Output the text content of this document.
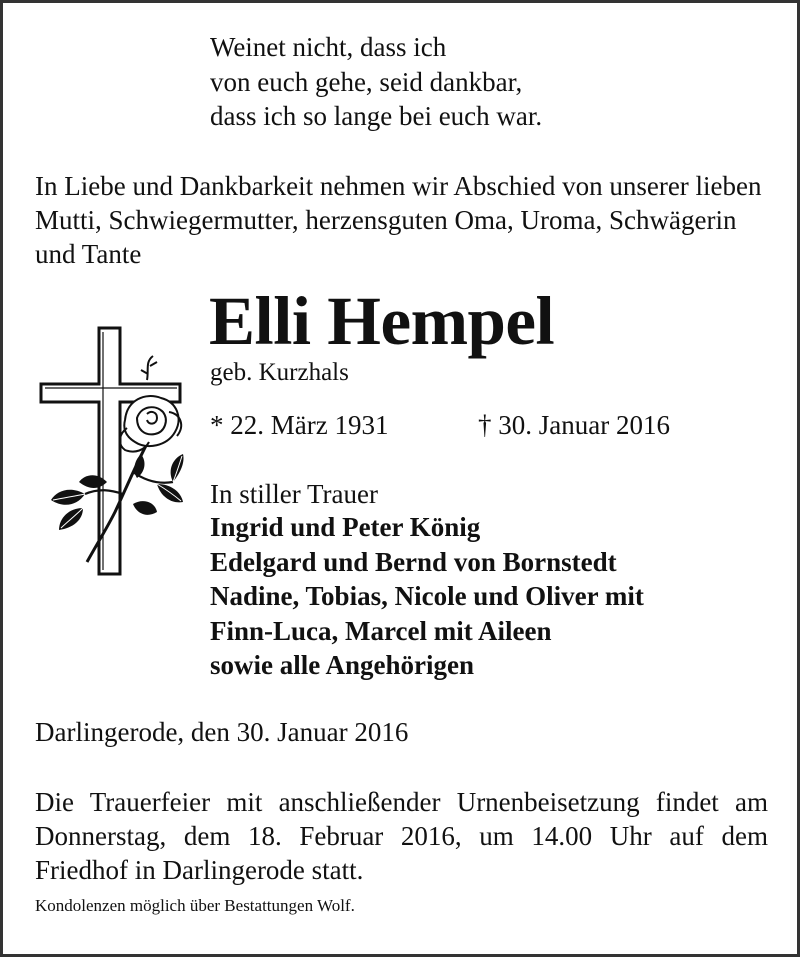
Weinet nicht, dass ich
von euch gehe, seid dankbar,
dass ich so lange bei euch war.
In Liebe und Dankbarkeit nehmen wir Abschied von unserer lieben Mutti, Schwiegermutter, herzensguten Oma, Uroma, Schwägerin und Tante
Elli Hempel
geb. Kurzhals
* 22. März 1931	† 30. Januar 2016
In stiller Trauer
Ingrid und Peter König
Edelgard und Bernd von Bornstedt
Nadine, Tobias, Nicole und Oliver mit
Finn-Luca, Marcel mit Aileen
sowie alle Angehörigen
Darlingerode, den 30. Januar 2016
Die Trauerfeier mit anschließender Urnenbeisetzung findet am Donnerstag, dem 18. Februar 2016, um 14.00 Uhr auf dem Friedhof in Darlingerode statt.
Kondolenzen möglich über Bestattungen Wolf.
